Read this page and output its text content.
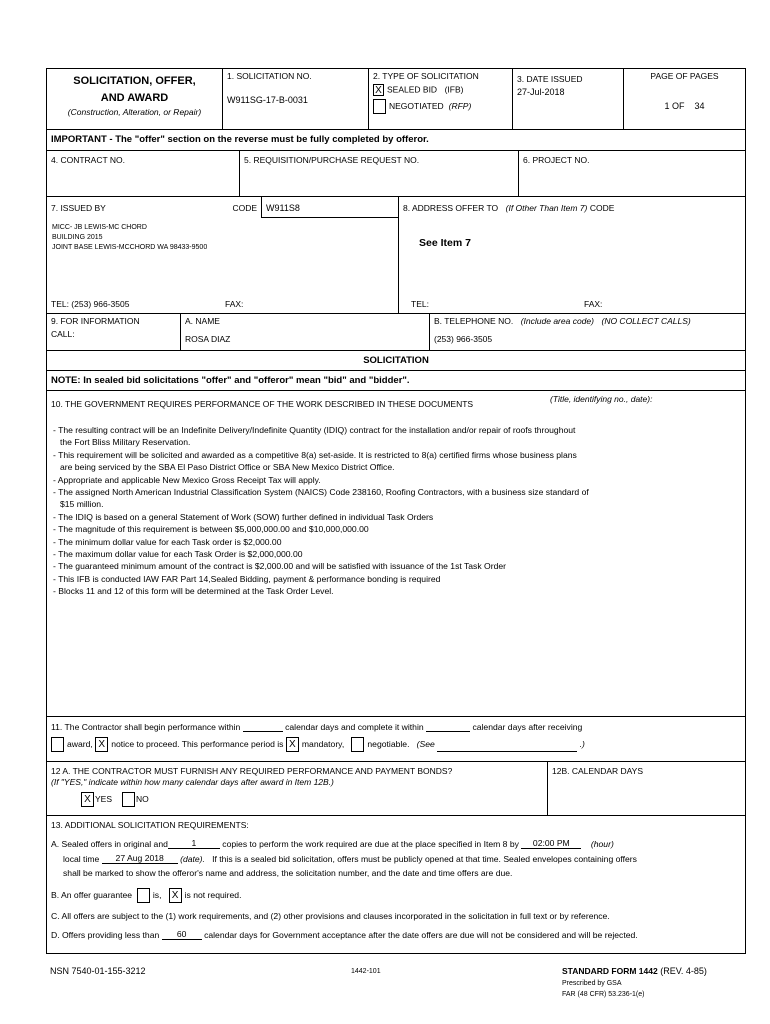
SOLICITATION, OFFER,
AND AWARD
(Construction, Alteration, or Repair)
1. SOLICITATION NO.
W911SG-17-B-0031
2. TYPE OF SOLICITATION
X SEALED BID (IFB)
NEGOTIATED (RFP)
3. DATE ISSUED
27-Jul-2018
PAGE OF PAGES
1 OF 34
IMPORTANT - The "offer" section on the reverse must be fully completed by offeror.
4. CONTRACT NO.	5. REQUISITION/PURCHASE REQUEST NO.	6. PROJECT NO.
7. ISSUED BY	CODE	W911S8
MICC- JB LEWIS-MC CHORD
BUILDING 2015
JOINT BASE LEWIS-MCCHORD WA 98433-9500
TEL: (253) 966-3505	FAX:
8. ADDRESS OFFER TO (If Other Than Item 7) CODE
See Item 7
TEL:	FAX:
9. FOR INFORMATION
CALL:
A. NAME
ROSA DIAZ
B. TELEPHONE NO. (Include area code) (NO COLLECT CALLS)
(253) 966-3505
SOLICITATION
NOTE: In sealed bid solicitations "offer" and "offeror" mean "bid" and "bidder".
10. THE GOVERNMENT REQUIRES PERFORMANCE OF THE WORK DESCRIBED IN THESE DOCUMENTS	(Title, identifying no., date):
- The resulting contract will be an Indefinite Delivery/Indefinite Quantity (IDIQ) contract for the installation and/or repair of roofs throughout
the Fort Bliss Military Reservation.
- This requirement will be solicited and awarded as a competitive 8(a) set-aside. It is restricted to 8(a) certified firms whose business plans
are being serviced by the SBA El Paso District Office or SBA New Mexico District Office.
- Appropriate and applicable New Mexico Gross Receipt Tax will apply.
- The assigned North American Industrial Classification System (NAICS) Code 238160, Roofing Contractors, with a business size standard of
$15 million.
- The IDIQ is based on a general Statement of Work (SOW) further defined in individual Task Orders
- The magnitude of this requirement is between $5,000,000.00 and $10,000,000.00
- The minimum dollar value for each Task order is $2,000.00
- The maximum dollar value for each Task Order is $2,000,000.00
- The guaranteed minimum amount of the contract is $2,000.00 and will be satisfied with issuance of the 1st Task Order
- This IFB is conducted IAW FAR Part 14,Sealed Bidding, payment & performance bonding is required
- Blocks 11 and 12 of this form will be determined at the Task Order Level.
11. The Contractor shall begin performance within	calendar days and complete it within	calendar days after receiving
award, X notice to proceed. This performance period is X mandatory,	negotiable. (See	.)
12 A. THE CONTRACTOR MUST FURNISH ANY REQUIRED PERFORMANCE AND PAYMENT BONDS?
(If "YES," indicate within how many calendar days after award in Item 12B.)
X YES	NO
12B. CALENDAR DAYS
13. ADDITIONAL SOLICITATION REQUIREMENTS:
A. Sealed offers in original and	1	copies to perform the work required are due at the place specified in Item 8 by 02:00 PM (hour)
local time 27 Aug 2018 (date). If this is a sealed bid solicitation, offers must be publicly opened at that time. Sealed envelopes containing offers
shall be marked to show the offeror's name and address, the solicitation number, and the date and time offers are due.
B. An offer guarantee is, X is not required.
C. All offers are subject to the (1) work requirements, and (2) other provisions and clauses incorporated in the solicitation in full text or by reference.
D. Offers providing less than 60 calendar days for Government acceptance after the date offers are due will not be considered and will be rejected.
NSN 7540-01-155-3212	1442-101	STANDARD FORM 1442 (REV. 4-85)
Prescribed by GSA
FAR (48 CFR) 53.236-1(e)
